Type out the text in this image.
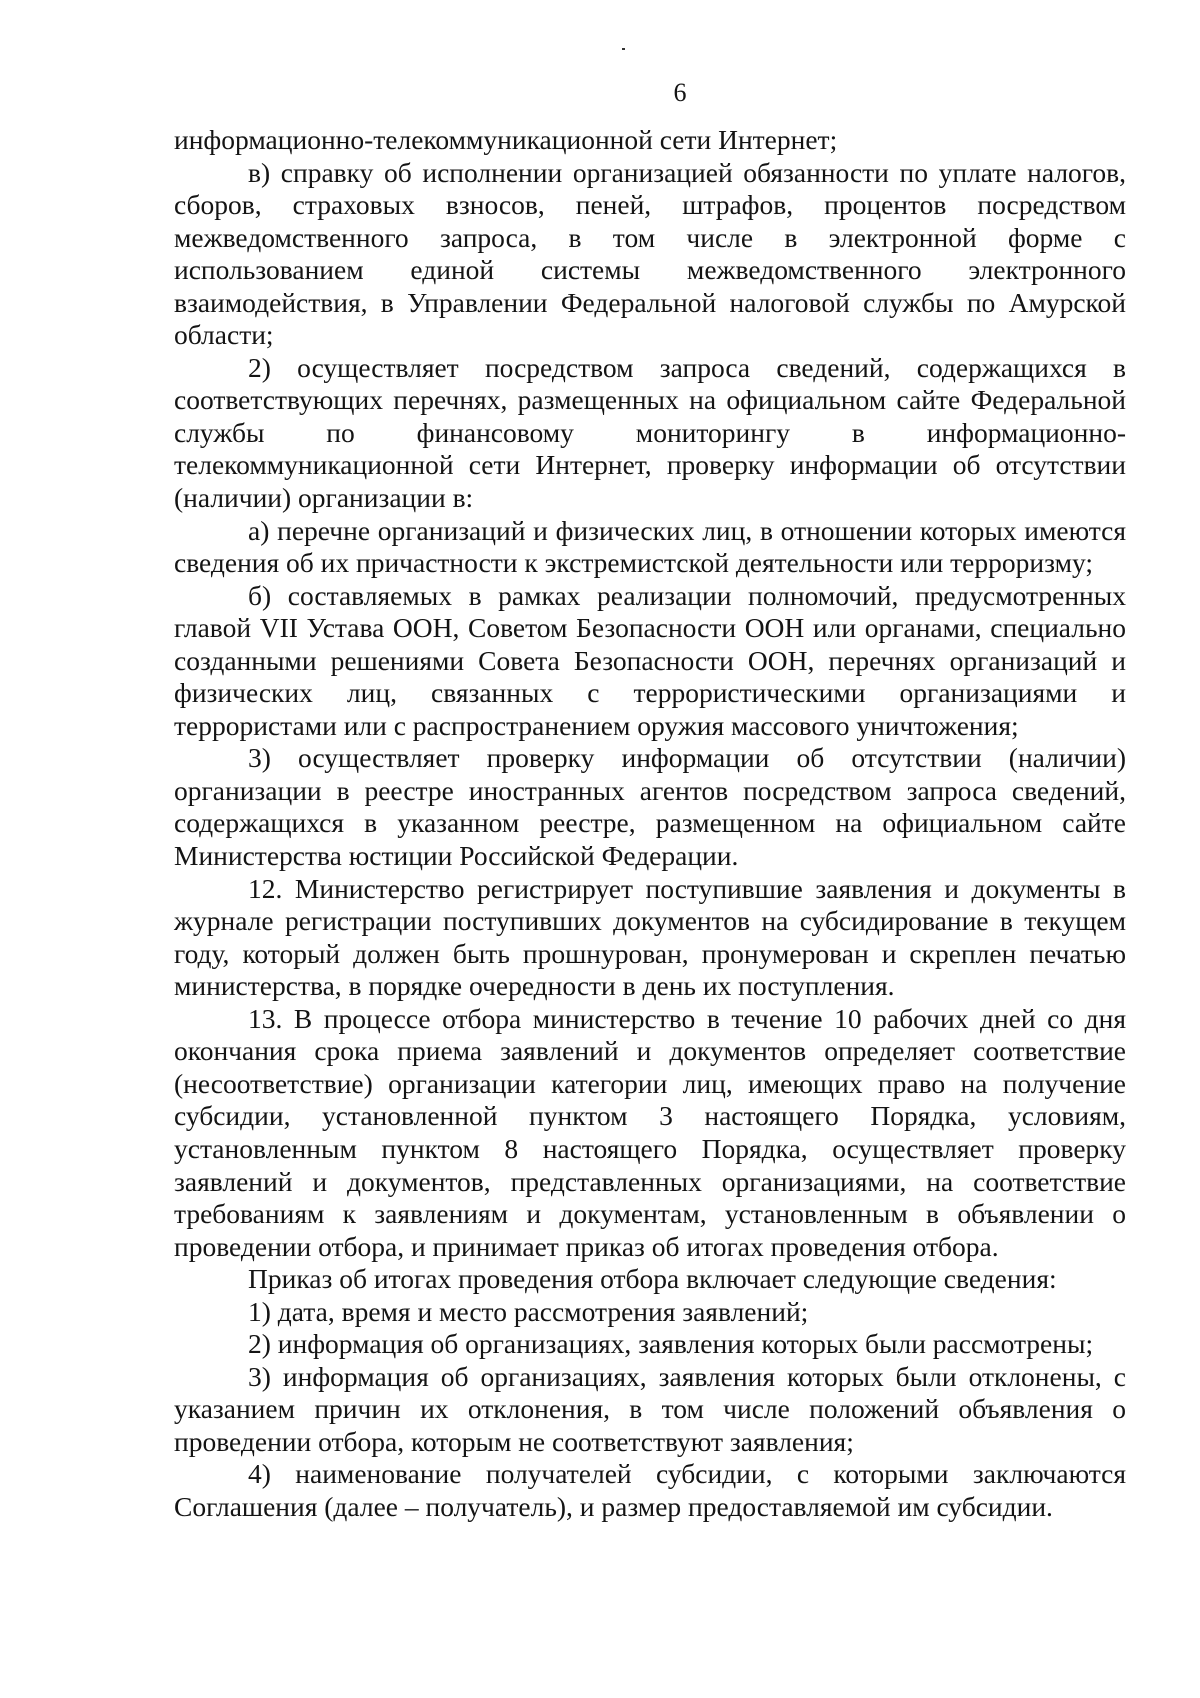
6

информационно-телекоммуникационной сети Интернет;

в) справку об исполнении организацией обязанности по уплате налогов, сборов, страховых взносов, пеней, штрафов, процентов посредством межведомственного запроса, в том числе в электронной форме с использованием единой системы межведомственного электронного взаимодействия, в Управлении Федеральной налоговой службы по Амурской области;

2) осуществляет посредством запроса сведений, содержащихся в соответствующих перечнях, размещенных на официальном сайте Федеральной службы по финансовому мониторингу в информационно-телекоммуникационной сети Интернет, проверку информации об отсутствии (наличии) организации в:

а) перечне организаций и физических лиц, в отношении которых имеются сведения об их причастности к экстремистской деятельности или терроризму;

б) составляемых в рамках реализации полномочий, предусмотренных главой VII Устава ООН, Советом Безопасности ООН или органами, специально созданными решениями Совета Безопасности ООН, перечнях организаций и физических лиц, связанных с террористическими организациями и террористами или с распространением оружия массового уничтожения;

3) осуществляет проверку информации об отсутствии (наличии) организации в реестре иностранных агентов посредством запроса сведений, содержащихся в указанном реестре, размещенном на официальном сайте Министерства юстиции Российской Федерации.

12. Министерство регистрирует поступившие заявления и документы в журнале регистрации поступивших документов на субсидирование в текущем году, который должен быть прошнурован, пронумерован и скреплен печатью министерства, в порядке очередности в день их поступления.

13. В процессе отбора министерство в течение 10 рабочих дней со дня окончания срока приема заявлений и документов определяет соответствие (несоответствие) организации категории лиц, имеющих право на получение субсидии, установленной пунктом 3 настоящего Порядка, условиям, установленным пунктом 8 настоящего Порядка, осуществляет проверку заявлений и документов, представленных организациями, на соответствие требованиям к заявлениям и документам, установленным в объявлении о проведении отбора, и принимает приказ об итогах проведения отбора.

Приказ об итогах проведения отбора включает следующие сведения:

1) дата, время и место рассмотрения заявлений;

2) информация об организациях, заявления которых были рассмотрены;

3) информация об организациях, заявления которых были отклонены, с указанием причин их отклонения, в том числе положений объявления о проведении отбора, которым не соответствуют заявления;

4) наименование получателей субсидии, с которыми заключаются Соглашения (далее – получатель), и размер предоставляемой им субсидии.
